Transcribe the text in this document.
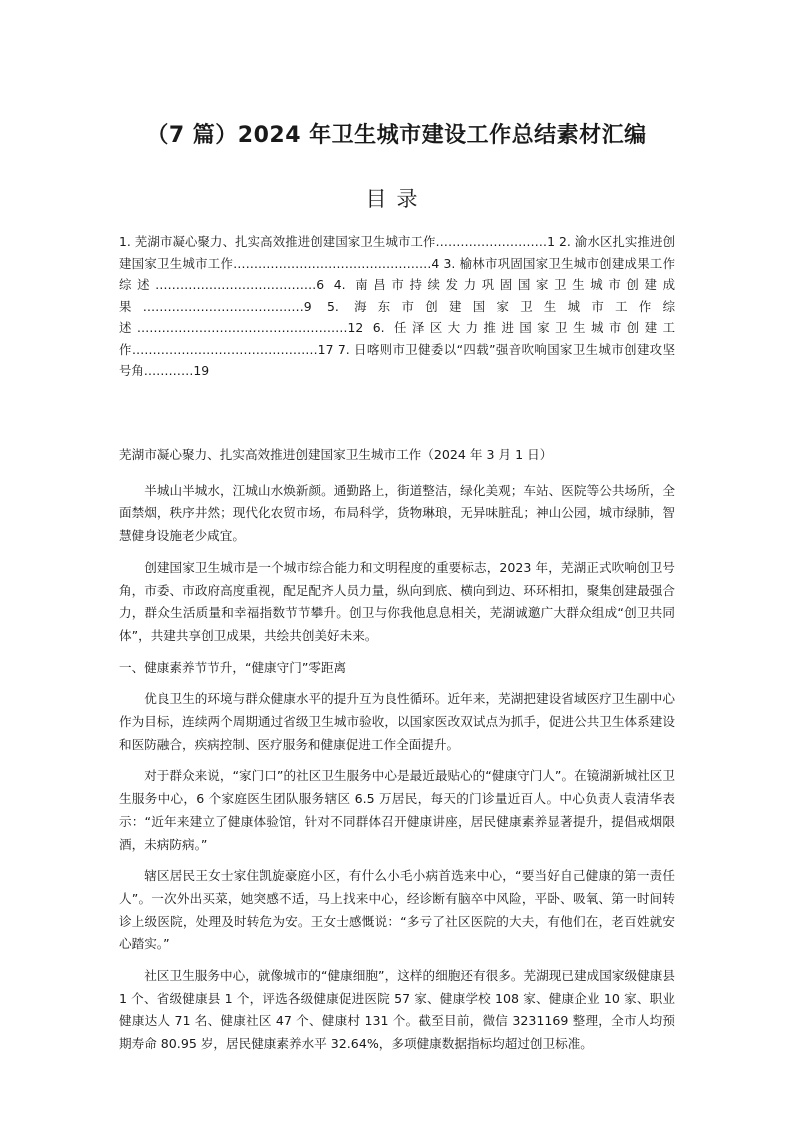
（7 篇）2024 年卫生城市建设工作总结素材汇编
目录
1. 芜湖市凝心聚力、扎实高效推进创建国家卫生城市工作………………………1 2. 渝水区扎实推进创建国家卫生城市工作…………………………………………4 3. 榆林市巩固国家卫生城市创建成果工作综述…………………………………6 4. 南昌市持续发力巩固国家卫生城市创建成果…………………………………9 5. 海东市创建国家卫生城市工作综述……………………………………………12 6. 任泽区大力推进国家卫生城市创建工作………………………………………17 7. 日喀则市卫健委以“四载”强音吹响国家卫生城市创建攻坚号角…………19

芜湖市凝心聚力、扎实高效推进创建国家卫生城市工作（2024 年 3 月 1 日）

半城山半城水，江城山水焕新颜。通勤路上，街道整洁，绿化美观；车站、医院等公共场所，全面禁烟，秩序井然；现代化农贸市场，布局科学，货物琳琅，无异味脏乱；神山公园，城市绿肺，智慧健身设施老少咸宜。

创建国家卫生城市是一个城市综合能力和文明程度的重要标志，2023 年，芜湖正式吹响创卫号角，市委、市政府高度重视，配足配齐人员力量，纵向到底、横向到边、环环相扣，聚集创建最强合力，群众生活质量和幸福指数节节攀升。创卫与你我他息息相关，芜湖诚邀广大群众组成“创卫共同体”，共建共享创卫成果，共绘共创美好未来。

一、健康素养节节升，“健康守门”零距离

优良卫生的环境与群众健康水平的提升互为良性循环。近年来，芜湖把建设省域医疗卫生副中心作为目标，连续两个周期通过省级卫生城市验收，以国家医改双试点为抓手，促进公共卫生体系建设和医防融合，疾病控制、医疗服务和健康促进工作全面提升。

对于群众来说，“家门口”的社区卫生服务中心是最近最贴心的“健康守门人”。在镜湖新城社区卫生服务中心，6 个家庭医生团队服务辖区 6.5 万居民，每天的门诊量近百人。中心负责人袁清华表示：“近年来建立了健康体验馆，针对不同群体召开健康讲座，居民健康素养显著提升，提倡戒烟限酒，未病防病。”

辖区居民王女士家住凯旋豪庭小区，有什么小毛小病首选来中心，“要当好自己健康的第一责任人”。一次外出买菜，她突感不适，马上找来中心，经诊断有脑卒中风险，平卧、吸氧、第一时间转诊上级医院，处理及时转危为安。王女士感慨说：“多亏了社区医院的大夫，有他们在，老百姓就安心踏实。”

社区卫生服务中心，就像城市的“健康细胞”，这样的细胞还有很多。芜湖现已建成国家级健康县 1 个、省级健康县 1 个，评选各级健康促进医院 57 家、健康学校 108 家、健康企业 10 家、职业健康达人 71 名、健康社区 47 个、健康村 131 个。截至目前，微信 3231169 整理，全市人均预期寿命 80.95 岁，居民健康素养水平 32.64%，多项健康数据指标均超过创卫标准。
